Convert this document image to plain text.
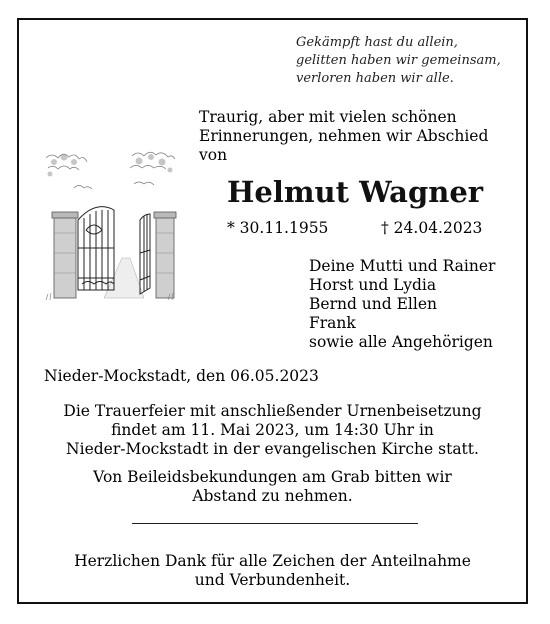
Gekämpft hast du allein,
gelitten haben wir gemeinsam,
verloren haben wir alle.
Traurig, aber mit vielen schönen
Erinnerungen, nehmen wir Abschied
von
Helmut Wagner
* 30.11.1955	† 24.04.2023
Deine Mutti und Rainer
Horst und Lydia
Bernd und Ellen
Frank
sowie alle Angehörigen
Nieder-Mockstadt, den 06.05.2023
Die Trauerfeier mit anschließender Urnenbeisetzung
findet am 11. Mai 2023, um 14:30 Uhr in
Nieder-Mockstadt in der evangelischen Kirche statt.
Von Beileidsbekundungen am Grab bitten wir
Abstand zu nehmen.
Herzlichen Dank für alle Zeichen der Anteilnahme
und Verbundenheit.
